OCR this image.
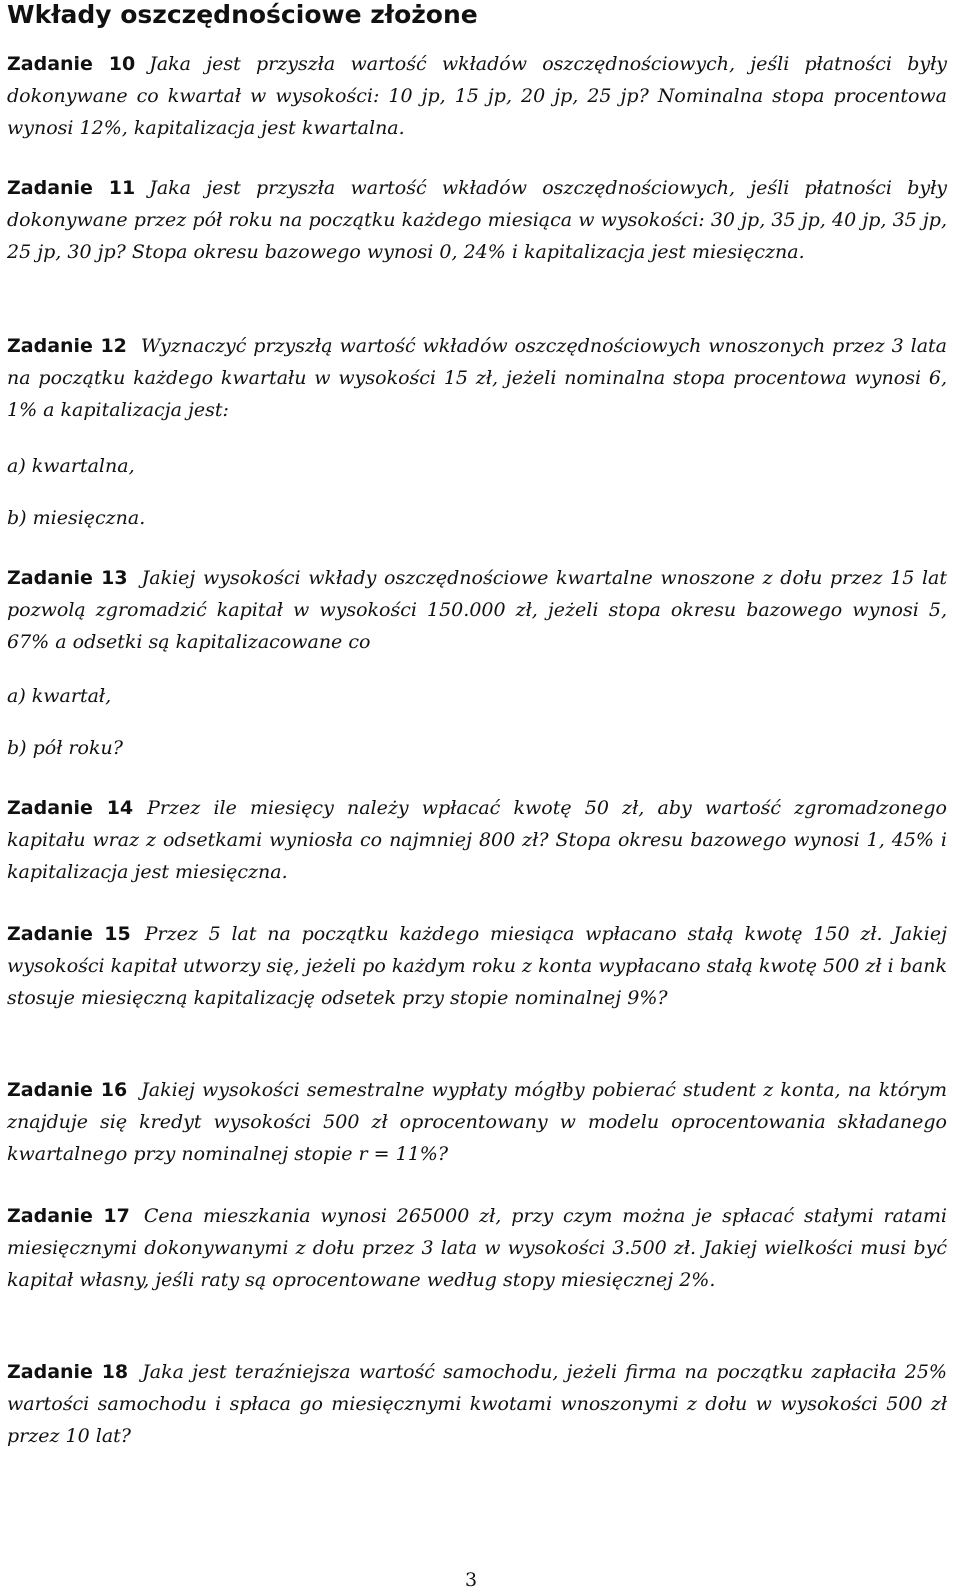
Wkłady oszczędnościowe złożone
Zadanie 10 Jaka jest przyszła wartość wkładów oszczędnościowych, jeśli płatności były dokonywane co kwartał w wysokości: 10 jp, 15 jp, 20 jp, 25 jp? Nominalna stopa procentowa wynosi 12%, kapitalizacja jest kwartalna.
Zadanie 11 Jaka jest przyszła wartość wkładów oszczędnościowych, jeśli płatności były dokonywane przez pół roku na początku każdego miesiąca w wysokości: 30 jp, 35 jp, 40 jp, 35 jp, 25 jp, 30 jp? Stopa okresu bazowego wynosi 0, 24% i kapitalizacja jest miesięczna.
Zadanie 12 Wyznaczyć przyszłą wartość wkładów oszczędnościowych wnoszonych przez 3 lata na początku każdego kwartału w wysokości 15 zł, jeżeli nominalna stopa procentowa wynosi 6, 1% a kapitalizacja jest:
a) kwartalna,
b) miesięczna.
Zadanie 13 Jakiej wysokości wkłady oszczędnościowe kwartalne wnoszone z dołu przez 15 lat pozwolą zgromadzić kapitał w wysokości 150.000 zł, jeżeli stopa okresu bazowego wynosi 5, 67% a odsetki są kapitalizacowane co
a) kwartał,
b) pół roku?
Zadanie 14 Przez ile miesięcy należy wpłacać kwotę 50 zł, aby wartość zgromadzonego kapitału wraz z odsetkami wyniosła co najmniej 800 zł? Stopa okresu bazowego wynosi 1, 45% i kapitalizacja jest miesięczna.
Zadanie 15 Przez 5 lat na początku każdego miesiąca wpłacano stałą kwotę 150 zł. Jakiej wysokości kapitał utworzy się, jeżeli po każdym roku z konta wypłacano stałą kwotę 500 zł i bank stosuje miesięczną kapitalizację odsetek przy stopie nominalnej 9%?
Zadanie 16 Jakiej wysokości semestralne wypłaty mógłby pobierać student z konta, na którym znajduje się kredyt wysokości 500 zł oprocentowany w modelu oprocentowania składanego kwartalnego przy nominalnej stopie r = 11%?
Zadanie 17 Cena mieszkania wynosi 265000 zł, przy czym można je spłacać stałymi ratami miesięcznymi dokonywanymi z dołu przez 3 lata w wysokości 3.500 zł. Jakiej wielkości musi być kapitał własny, jeśli raty są oprocentowane według stopy miesięcznej 2%.
Zadanie 18 Jaka jest teraźniejsza wartość samochodu, jeżeli firma na początku zapłaciła 25% wartości samochodu i spłaca go miesięcznymi kwotami wnoszonymi z dołu w wysokości 500 zł przez 10 lat?
3
